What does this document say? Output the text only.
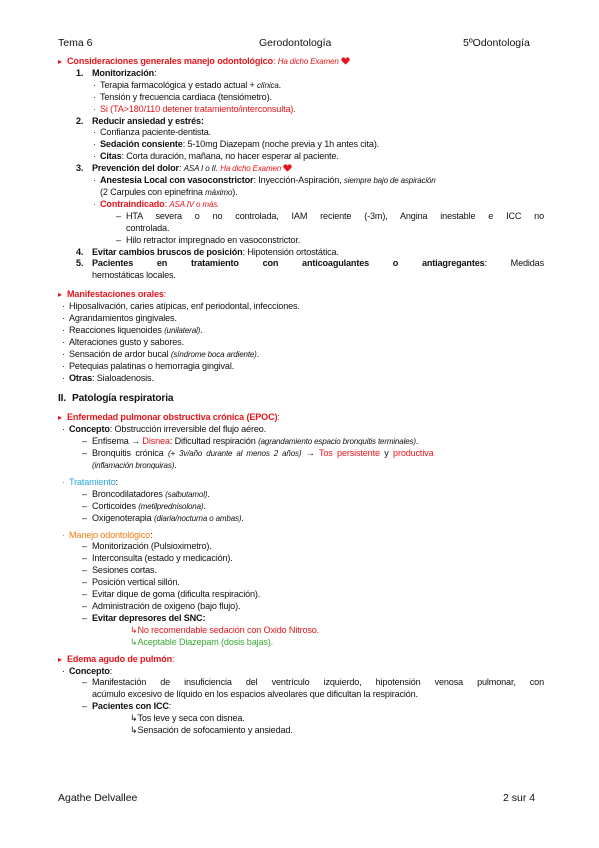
Tema 6	Gerodontología	5ºOdontología
▸ Consideraciones generales manejo odontológico: Ha dicho Examen
1. Monitorización:
· Terapia farmacológica y estado actual + clínica.
· Tensión y frecuencia cardiaca (tensiómetro).
· Si (TA>180/110 detener tratamiento/interconsulta).
2. Reducir ansiedad y estrés:
· Confianza paciente-dentista.
· Sedación consiente: 5-10mg Diazepam (noche previa y 1h antes cita).
· Citas: Corta duración, mañana, no hacer esperar al paciente.
3. Prevención del dolor: ASA I o II. Ha dicho Examen
· Anestesia Local con vasoconstrictor: Inyección-Aspiración, siempre bajo de aspiración
(2 Carpules con epinefrina máximo).
· Contraindicado: ASA IV o más.
– HTA severa o no controlada, IAM reciente (-3m), Angina inestable e ICC no
controlada.
– Hilo retractor impregnado en vasoconstrictor.
4. Evitar cambios bruscos de posición: Hipotensión ortostática.
5. Pacientes en tratamiento con anticoagulantes o antiagregantes: Medidas
hemostáticas locales.
▸ Manifestaciones orales:
· Hiposalivación, caries atípicas, enf periodontal, infecciones.
· Agrandamientos gingivales.
· Reacciones liquenoides (unilateral).
· Alteraciones gusto y sabores.
· Sensación de ardor bucal (síndrome boca ardiente).
· Petequias palatinas o hemorragia gingival.
· Otras: Sialoadenosis.
II. Patología respiratoria
▸ Enfermedad pulmonar obstructiva crónica (EPOC):
· Concepto: Obstrucción irreversible del flujo aéreo.
– Enfisema → Disnea: Dificultad respiración (agrandamiento espacio bronquitis terminales).
– Bronquitis crónica (+ 3v/año durante al menos 2 años) → Tos persistente y productiva
(inflamación bronquiras).
· Tratamiento:
– Broncodilatadores (salbutamol).
– Corticoides (metilprednisolona).
– Oxigenoterapia (diaria/nocturna o ambas).
· Manejo odontológico:
– Monitorización (Pulsioximetro).
– Interconsulta (estado y medicación).
– Sesiones cortas.
– Posición vertical sillón.
– Evitar dique de goma (dificulta respiración).
– Administración de oxigeno (bajo flujo).
– Evitar depresores del SNC:
↳No recomendable sedación con Oxido Nitroso.
↳Aceptable Diazepam (dosis bajas).
▸ Edema agudo de pulmón:
· Concepto:
– Manifestación de insuficiencia del ventrículo izquierdo, hipotensión venosa pulmonar, con
acúmulo excesivo de líquido en los espacios alveolares que dificultan la respiración.
– Pacientes con ICC:
↳Tos leve y seca con disnea.
↳Sensación de sofocamiento y ansiedad.
Agathe Delvallee	2 sur 4
